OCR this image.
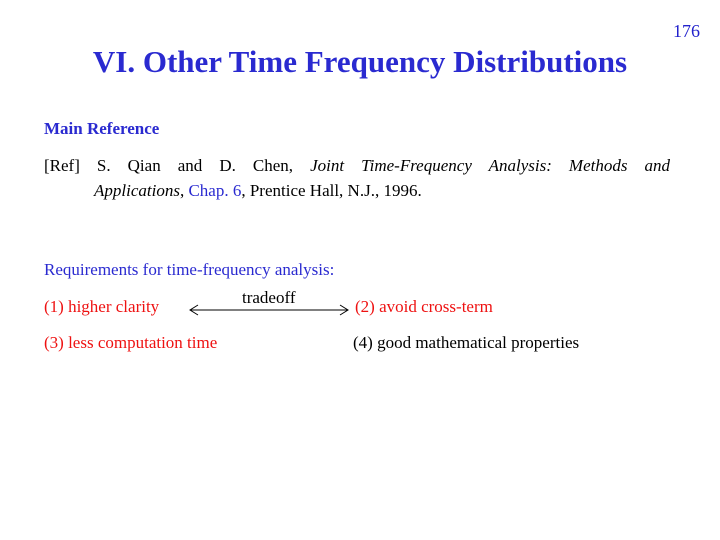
176
VI. Other Time Frequency Distributions
Main Reference
[Ref] S. Qian and D. Chen, Joint Time-Frequency Analysis: Methods and
Applications, Chap. 6, Prentice Hall, N.J., 1996.
Requirements for time-frequency analysis:
(1) higher clarity	tradeoff	(2) avoid cross-term
(3) less computation time	(4) good mathematical properties
